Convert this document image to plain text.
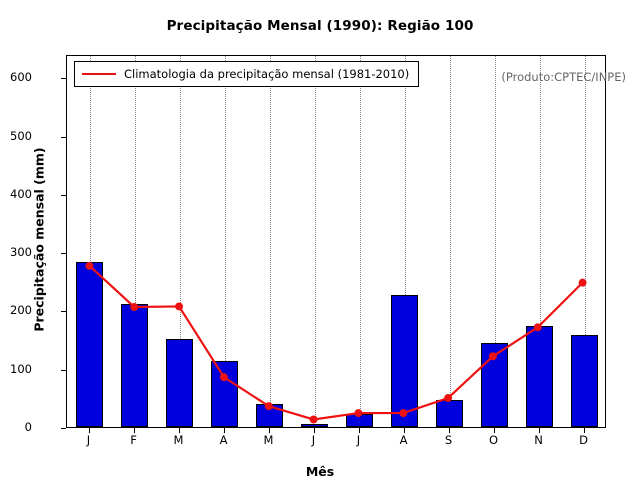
Precipitação Mensal (1990): Região 100
0
100
200
300
400
500
600
J	F	M	A	M	J	J	A	S	O	N	D
Precipitação mensal (mm)
Mês
Climatologia da precipitação mensal (1981-2010)	(Produto:CPTEC/INPE)
